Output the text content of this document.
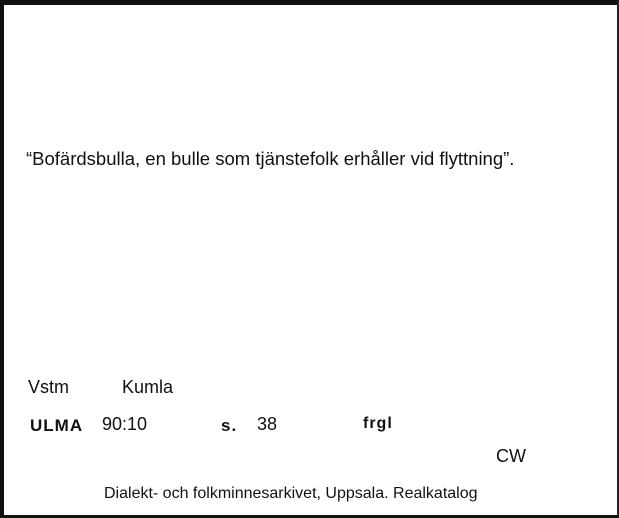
“Bofärdsbulla, en bulle som tjänstefolk erhåller vid flyttning”.
Vstm	Kumla
ULMA 90:10	s. 38	frgl
CW
Dialekt- och folkminnesarkivet, Uppsala. Realkatalog
